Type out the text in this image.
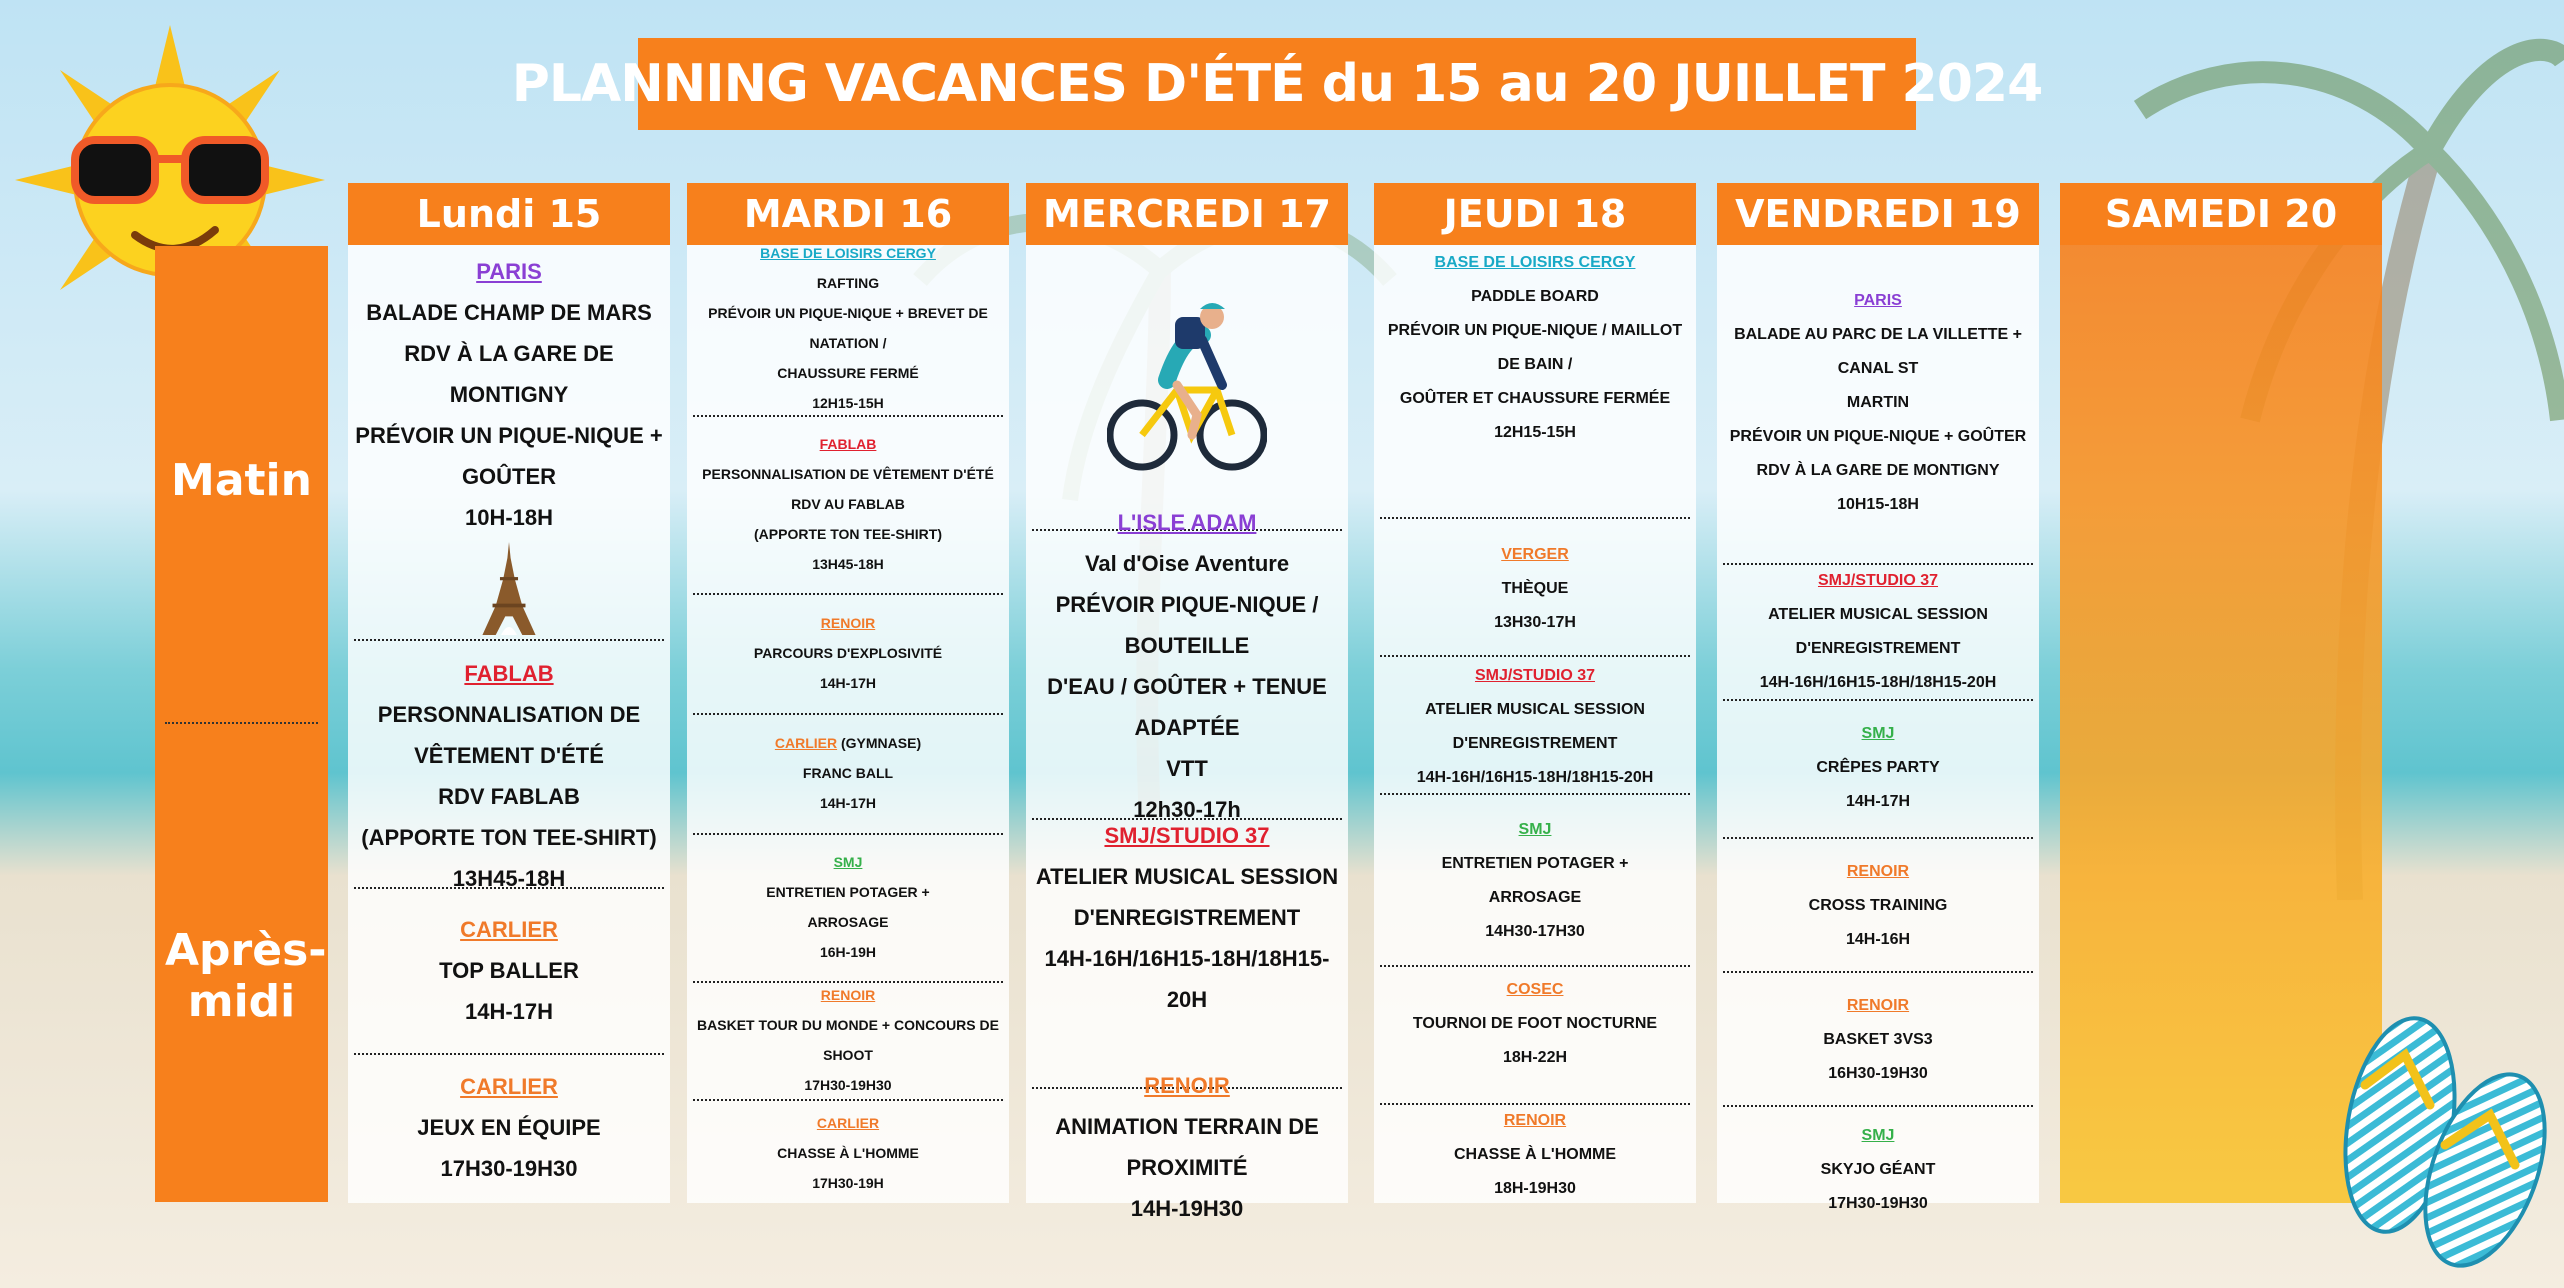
PLANNING VACANCES D'ÉTÉ du 15 au 20 JUILLET 2024
Matin
Après-midi
Lundi 15
PARIS
BALADE CHAMP DE MARS
RDV À LA GARE DE MONTIGNY
PRÉVOIR UN PIQUE-NIQUE + GOÛTER
10H-18H
FABLAB
PERSONNALISATION DE VÊTEMENT D'ÉTÉ
RDV FABLAB
(APPORTE TON TEE-SHIRT)
13H45-18H
CARLIER
TOP BALLER
14H-17H
CARLIER
JEUX EN ÉQUIPE
17H30-19H30
MARDI 16
BASE DE LOISIRS CERGY
RAFTING
PRÉVOIR UN PIQUE-NIQUE + BREVET DE NATATION /
CHAUSSURE FERMÉ
12H15-15H
FABLAB
PERSONNALISATION DE VÊTEMENT D'ÉTÉ
RDV AU FABLAB
(APPORTE TON TEE-SHIRT)
13H45-18H
RENOIR
PARCOURS D'EXPLOSIVITÉ
14H-17H
CARLIER (GYMNASE)
FRANC BALL
14H-17H
SMJ
ENTRETIEN POTAGER +
ARROSAGE
16H-19H
RENOIR
BASKET TOUR DU MONDE + CONCOURS DE SHOOT
17H30-19H30
CARLIER
CHASSE À L'HOMME
17H30-19H
MERCREDI 17
L'ISLE ADAM
Val d'Oise Aventure
PRÉVOIR PIQUE-NIQUE / BOUTEILLE
D'EAU / GOÛTER + TENUE ADAPTÉE
VTT
12h30-17h
SMJ/STUDIO 37
ATELIER MUSICAL SESSION
D'ENREGISTREMENT
14H-16H/16H15-18H/18H15-20H
RENOIR
ANIMATION TERRAIN DE PROXIMITÉ
14H-19H30
JEUDI 18
BASE DE LOISIRS CERGY
PADDLE BOARD
PRÉVOIR UN PIQUE-NIQUE / MAILLOT DE BAIN /
GOÛTER ET CHAUSSURE FERMÉE
12H15-15H
VERGER
THÈQUE
13H30-17H
SMJ/STUDIO 37
ATELIER MUSICAL SESSION D'ENREGISTREMENT
14H-16H/16H15-18H/18H15-20H
SMJ
ENTRETIEN POTAGER +
ARROSAGE
14H30-17H30
COSEC
TOURNOI DE FOOT NOCTURNE
18H-22H
RENOIR
CHASSE À L'HOMME
18H-19H30
VENDREDI 19
PARIS
BALADE AU PARC DE LA VILLETTE + CANAL ST
MARTIN
PRÉVOIR UN PIQUE-NIQUE + GOÛTER
RDV À LA GARE DE MONTIGNY
10H15-18H
SMJ/STUDIO 37
ATELIER MUSICAL SESSION D'ENREGISTREMENT
14H-16H/16H15-18H/18H15-20H
SMJ
CRÊPES PARTY
14H-17H
RENOIR
CROSS TRAINING
14H-16H
RENOIR
BASKET 3VS3
16H30-19H30
SMJ
SKYJO GÉANT
17H30-19H30
SAMEDI 20
